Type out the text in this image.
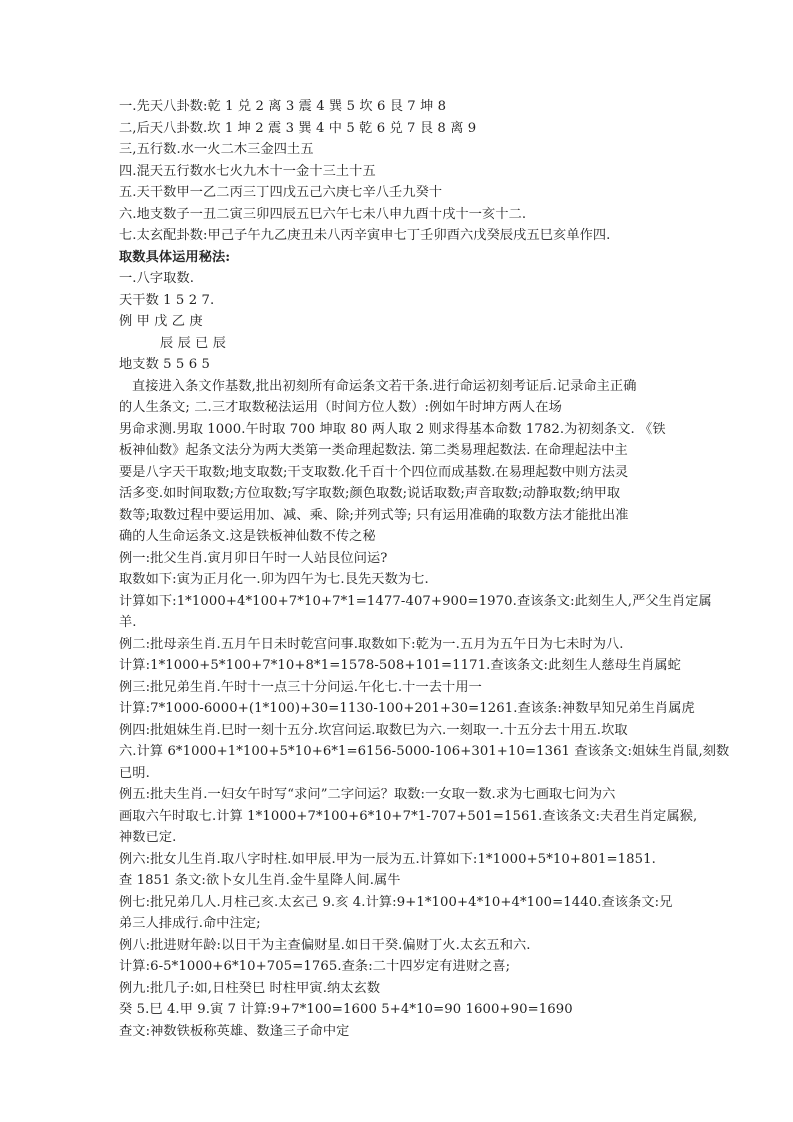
一.先天八卦数:乾 1 兑 2 离 3 震 4 巽 5 坎 6 艮 7 坤 8
二,后天八卦数.坎 1 坤 2 震 3 巽 4 中 5 乾 6 兑 7 艮 8 离 9
三,五行数.水一火二木三金四土五
四.混天五行数水七火九木十一金十三土十五
五.天干数甲一乙二丙三丁四戊五己六庚七辛八壬九癸十
六.地支数子一丑二寅三卯四辰五巳六午七未八申九酉十戌十一亥十二.
七.太玄配卦数:甲己子午九乙庚丑未八丙辛寅申七丁壬卯酉六戊癸辰戌五巳亥单作四.
取数具体运用秘法:
一.八字取数.
天干数 1 5 2 7.
例 甲 戊 乙 庚
辰 辰 已 辰
地支数 5 5 6 5
直接进入条文作基数,批出初刻所有命运条文若干条.进行命运初刻考证后.记录命主正确
的人生条文; 二.三才取数秘法运用（时间方位人数）:例如午时坤方两人在场
男命求测.男取 1000.午时取 700 坤取 80 两人取 2 则求得基本命数 1782.为初刻条文. 《铁
板神仙数》起条文法分为两大类第一类命理起数法. 第二类易理起数法. 在命理起法中主
要是八字天干取数;地支取数;干支取数.化千百十个四位而成基数.在易理起数中则方法灵
活多变.如时间取数;方位取数;写字取数;颜色取数;说话取数;声音取数;动静取数;纳甲取
数等;取数过程中要运用加、减、乘、除;并列式等; 只有运用准确的取数方法才能批出准
确的人生命运条文.这是铁板神仙数不传之秘
例一:批父生肖.寅月卯日午时一人站艮位问运?
取数如下:寅为正月化一.卯为四午为七.艮先天数为七.
计算如下:1*1000+4*100+7*10+7*1=1477-407+900=1970.查该条文:此刻生人,严父生肖定属
羊.
例二:批母亲生肖.五月午日未时乾宫问事.取数如下:乾为一.五月为五午日为七未时为八.
计算:1*1000+5*100+7*10+8*1=1578-508+101=1171.查该条文:此刻生人慈母生肖属蛇
例三:批兄弟生肖.午时十一点三十分问运.午化七.十一去十用一
计算:7*1000-6000+(1*100)+30=1130-100+201+30=1261.查该条:神数早知兄弟生肖属虎
例四:批姐妹生肖.巳时一刻十五分.坎宫问运.取数巳为六.一刻取一.十五分去十用五.坎取
六.计算 6*1000+1*100+5*10+6*1=6156-5000-106+301+10=1361 查该条文:姐妹生肖鼠,刻数
已明.
例五:批夫生肖.一妇女午时写“求问”二字问运？取数:一女取一数.求为七画取七问为六
画取六午时取七.计算 1*1000+7*100+6*10+7*1-707+501=1561.查该条文:夫君生肖定属猴,
神数已定.
例六:批女儿生肖.取八字时柱.如甲辰.甲为一辰为五.计算如下:1*1000+5*10+801=1851.
查 1851 条文:欲卜女儿生肖.金牛星降人间.属牛
例七:批兄弟几人.月柱己亥.太玄己 9.亥 4.计算:9+1*100+4*10+4*100=1440.查该条文:兄
弟三人排成行.命中注定;
例八:批进财年龄:以日干为主查偏财星.如日干癸.偏财丁火.太玄五和六.
计算:6-5*1000+6*10+705=1765.查条:二十四岁定有进财之喜;
例九:批几子:如,日柱癸巳 时柱甲寅.纳太玄数
癸 5.巳 4.甲 9.寅 7 计算:9+7*100=1600 5+4*10=90 1600+90=1690
查文:神数铁板称英雄、数逢三子命中定
